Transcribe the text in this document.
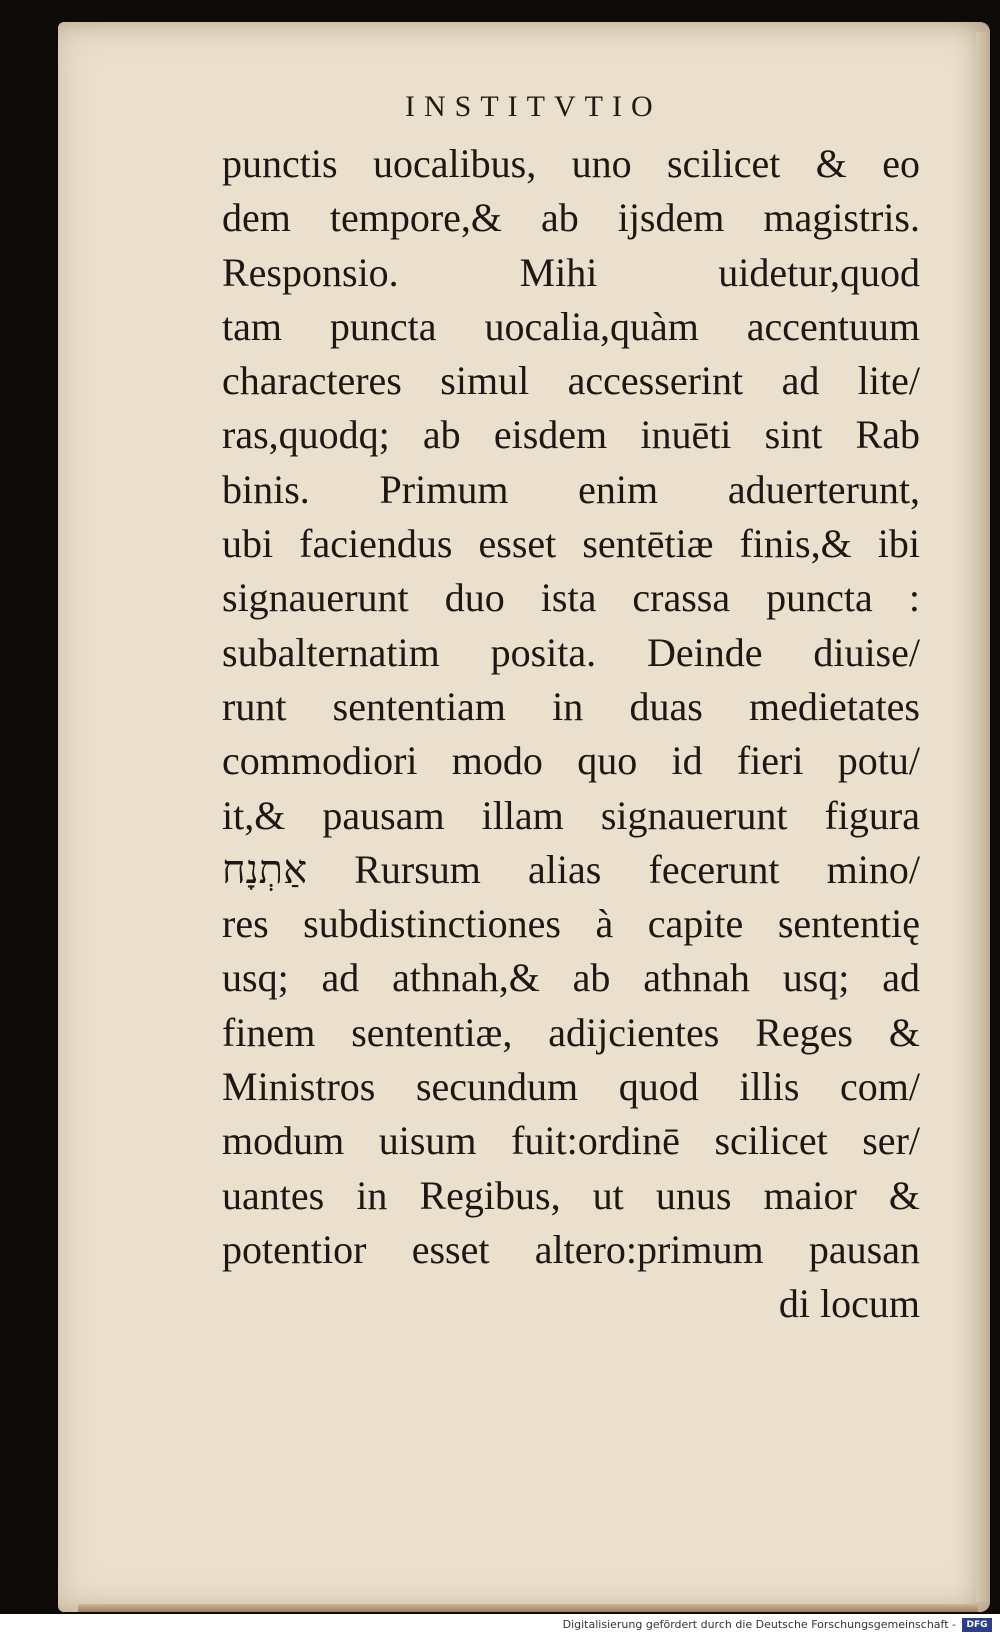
INSTITVTIO
punctis uocalibus, uno scilicet & eo
dem tempore,& ab ijsdem magistris.
Responsio. Mihi uidetur,quod
tam puncta uocalia,quàm accentuum
characteres simul accesserint ad lite/
ras,quodq; ab eisdem inuēti sint Rab
binis. Primum enim aduerterunt,
ubi faciendus esset sentētiæ finis,& ibi
signauerunt duo ista crassa puncta :
subalternatim posita. Deinde diuise/
runt sententiam in duas medietates
commodiori modo quo id fieri potu/
it,& pausam illam signauerunt figura
אַתְנָח Rursum alias fecerunt mino/
res subdistinctiones à capite sententię
usq; ad athnah,& ab athnah usq; ad
finem sententiæ, adijcientes Reges &
Ministros secundum quod illis com/
modum uisum fuit:ordinē scilicet ser/
uantes in Regibus, ut unus maior &
potentior esset altero:primum pausan
di locum
Digitalisierung gefördert durch die Deutsche Forschungsgemeinschaft -	DFG
